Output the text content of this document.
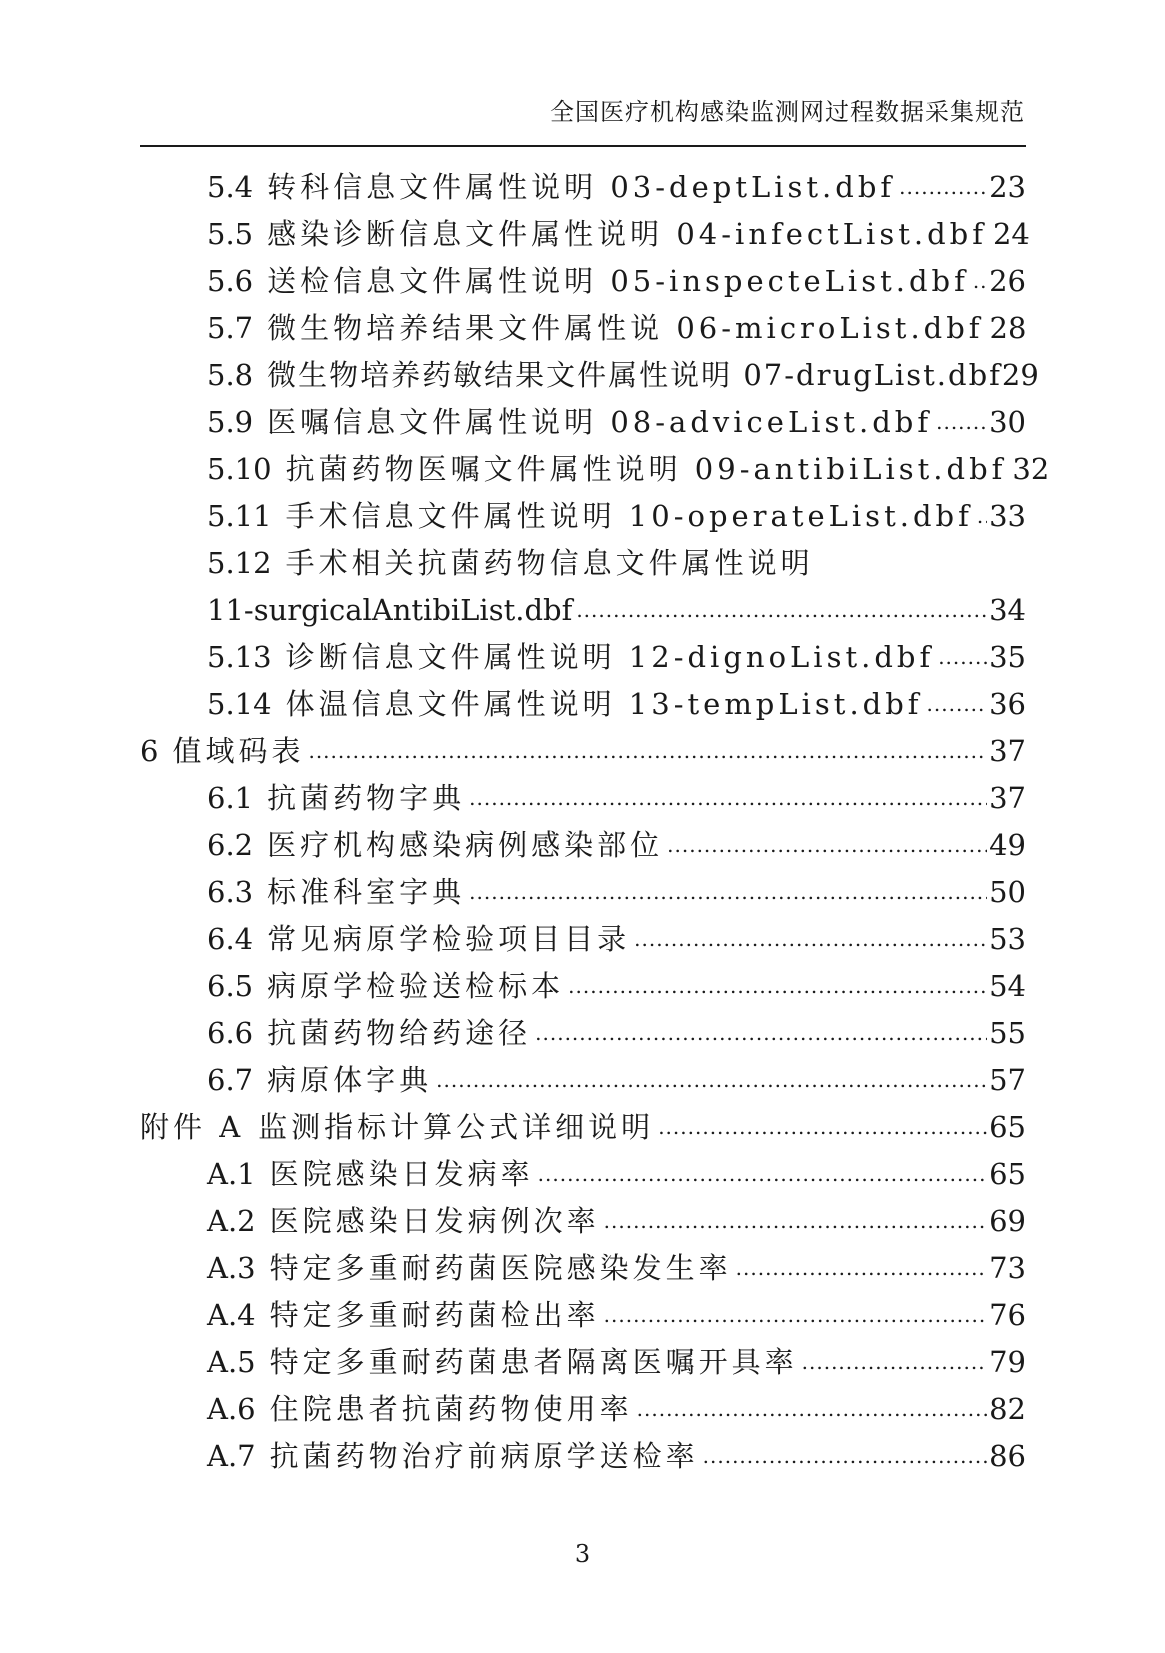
全国医疗机构感染监测网过程数据采集规范
5.4 转科信息文件属性说明 03-deptList.dbf .....	23
5.5 感染诊断信息文件属性说明 04-infectList.dbf 24
5.6 送检信息文件属性说明 05-inspecteList.dbf ..... 26
5.7 微生物培养结果文件属性说 06-microList.dbf 28
5.8 微生物培养药敏结果文件属性说明 07-drugList.dbf 29
5.9 医嘱信息文件属性说明 08-adviceList.dbf ..... 30
5.10 抗菌药物医嘱文件属性说明 09-antibiList.dbf 32
5.11 手术信息文件属性说明 10-operateList.dbf ..... 33
5.12 手术相关抗菌药物信息文件属性说明
11-surgicalAntibiList.dbf .....	34
5.13 诊断信息文件属性说明 12-dignoList.dbf ..... 35
5.14 体温信息文件属性说明 13-tempList.dbf ..... 36
6 值域码表 .....	37
6.1 抗菌药物字典 .....	37
6.2 医疗机构感染病例感染部位 .....	49
6.3 标准科室字典 .....	50
6.4 常见病原学检验项目目录 .....	53
6.5 病原学检验送检标本 .....	54
6.6 抗菌药物给药途径 .....	55
6.7 病原体字典 .....	57
附件 A 监测指标计算公式详细说明 .....	65
A.1 医院感染日发病率 .....	65
A.2 医院感染日发病例次率 .....	69
A.3 特定多重耐药菌医院感染发生率 .....	73
A.4 特定多重耐药菌检出率 .....	76
A.5 特定多重耐药菌患者隔离医嘱开具率 .....	79
A.6 住院患者抗菌药物使用率 .....	82
A.7 抗菌药物治疗前病原学送检率 .....	86
3
